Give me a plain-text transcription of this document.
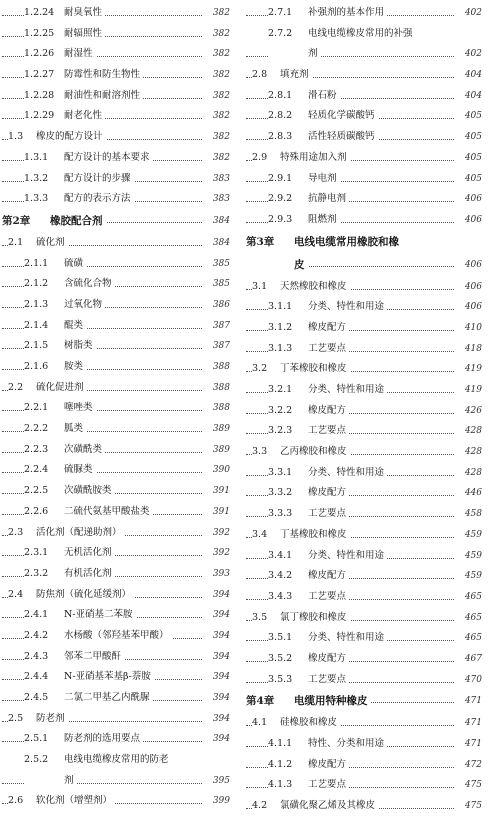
1.2.24 耐臭氧性	382
1.2.25 耐辐照性	382
1.2.26 耐湿性	382
1.2.27 防霉性和防生物性	382
1.2.28 耐油性和耐溶剂性	382
1.2.29 耐老化性	382
1.3 橡皮的配方设计	382
1.3.1 配方设计的基本要求	382
1.3.2 配方设计的步骤	383
1.3.3 配方的表示方法	383
第2章 橡胶配合剂	384
2.1 硫化剂	384
2.1.1 硫磺	385
2.1.2 含硫化合物	385
2.1.3 过氧化物	386
2.1.4 醌类	387
2.1.5 树脂类	387
2.1.6 胺类	388
2.2 硫化促进剂	388
2.2.1 噻唑类	388
2.2.2 胍类	389
2.2.3 次磺酰类	389
2.2.4 硫脲类	390
2.2.5 次磺酰胺类	391
2.2.6 二硫代氨基甲酸盐类	391
2.3 活化剂（配递助剂）	392
2.3.1 无机活化剂	392
2.3.2 有机活化剂	393
2.4 防焦剂（硫化延缓剂）	394
2.4.1 N-亚硝基二苯胺	394
2.4.2 水杨酸（邻羟基苯甲酸）	394
2.4.3 邻苯二甲酸酐	394
2.4.4 N-亚硝基苯基β-萘胺	394
2.4.5 二氯二甲基乙内酰脲	394
2.5 防老剂	394
2.5.1 防老剂的选用要点	394
2.5.2 电线电缆橡皮常用的防老
剂	395
2.6 软化剂（增塑剂）	399
2.7.1 补强剂的基本作用	402
2.7.2 电线电缆橡皮常用的补强
剂	402
2.8 填充剂	404
2.8.1 滑石粉	404
2.8.2 轻质化学碳酸钙	405
2.8.3 活性轻质碳酸钙	405
2.9 特殊用途加入剂	405
2.9.1 导电剂	405
2.9.2 抗静电剂	406
2.9.3 阻燃剂	406
第3章 电线电缆常用橡胶和橡
皮	406
3.1 天然橡胶和橡皮	406
3.1.1 分类、特性和用途	406
3.1.2 橡皮配方	410
3.1.3 工艺要点	418
3.2 丁苯橡胶和橡皮	419
3.2.1 分类、特性和用途	419
3.2.2 橡皮配方	426
3.2.3 工艺要点	428
3.3 乙丙橡胶和橡皮	428
3.3.1 分类、特性和用途	428
3.3.2 橡皮配方	446
3.3.3 工艺要点	458
3.4 丁基橡胶和橡皮	459
3.4.1 分类、特性和用途	459
3.4.2 橡皮配方	459
3.4.3 工艺要点	465
3.5 氯丁橡胶和橡皮	465
3.5.1 分类、特性和用途	465
3.5.2 橡皮配方	467
3.5.3 工艺要点	470
第4章 电缆用特种橡皮	471
4.1 硅橡胶和橡皮	471
4.1.1 特性、分类和用途	471
4.1.2 橡皮配方	472
4.1.3 工艺要点	475
4.2 氯磺化聚乙烯及其橡皮	475
